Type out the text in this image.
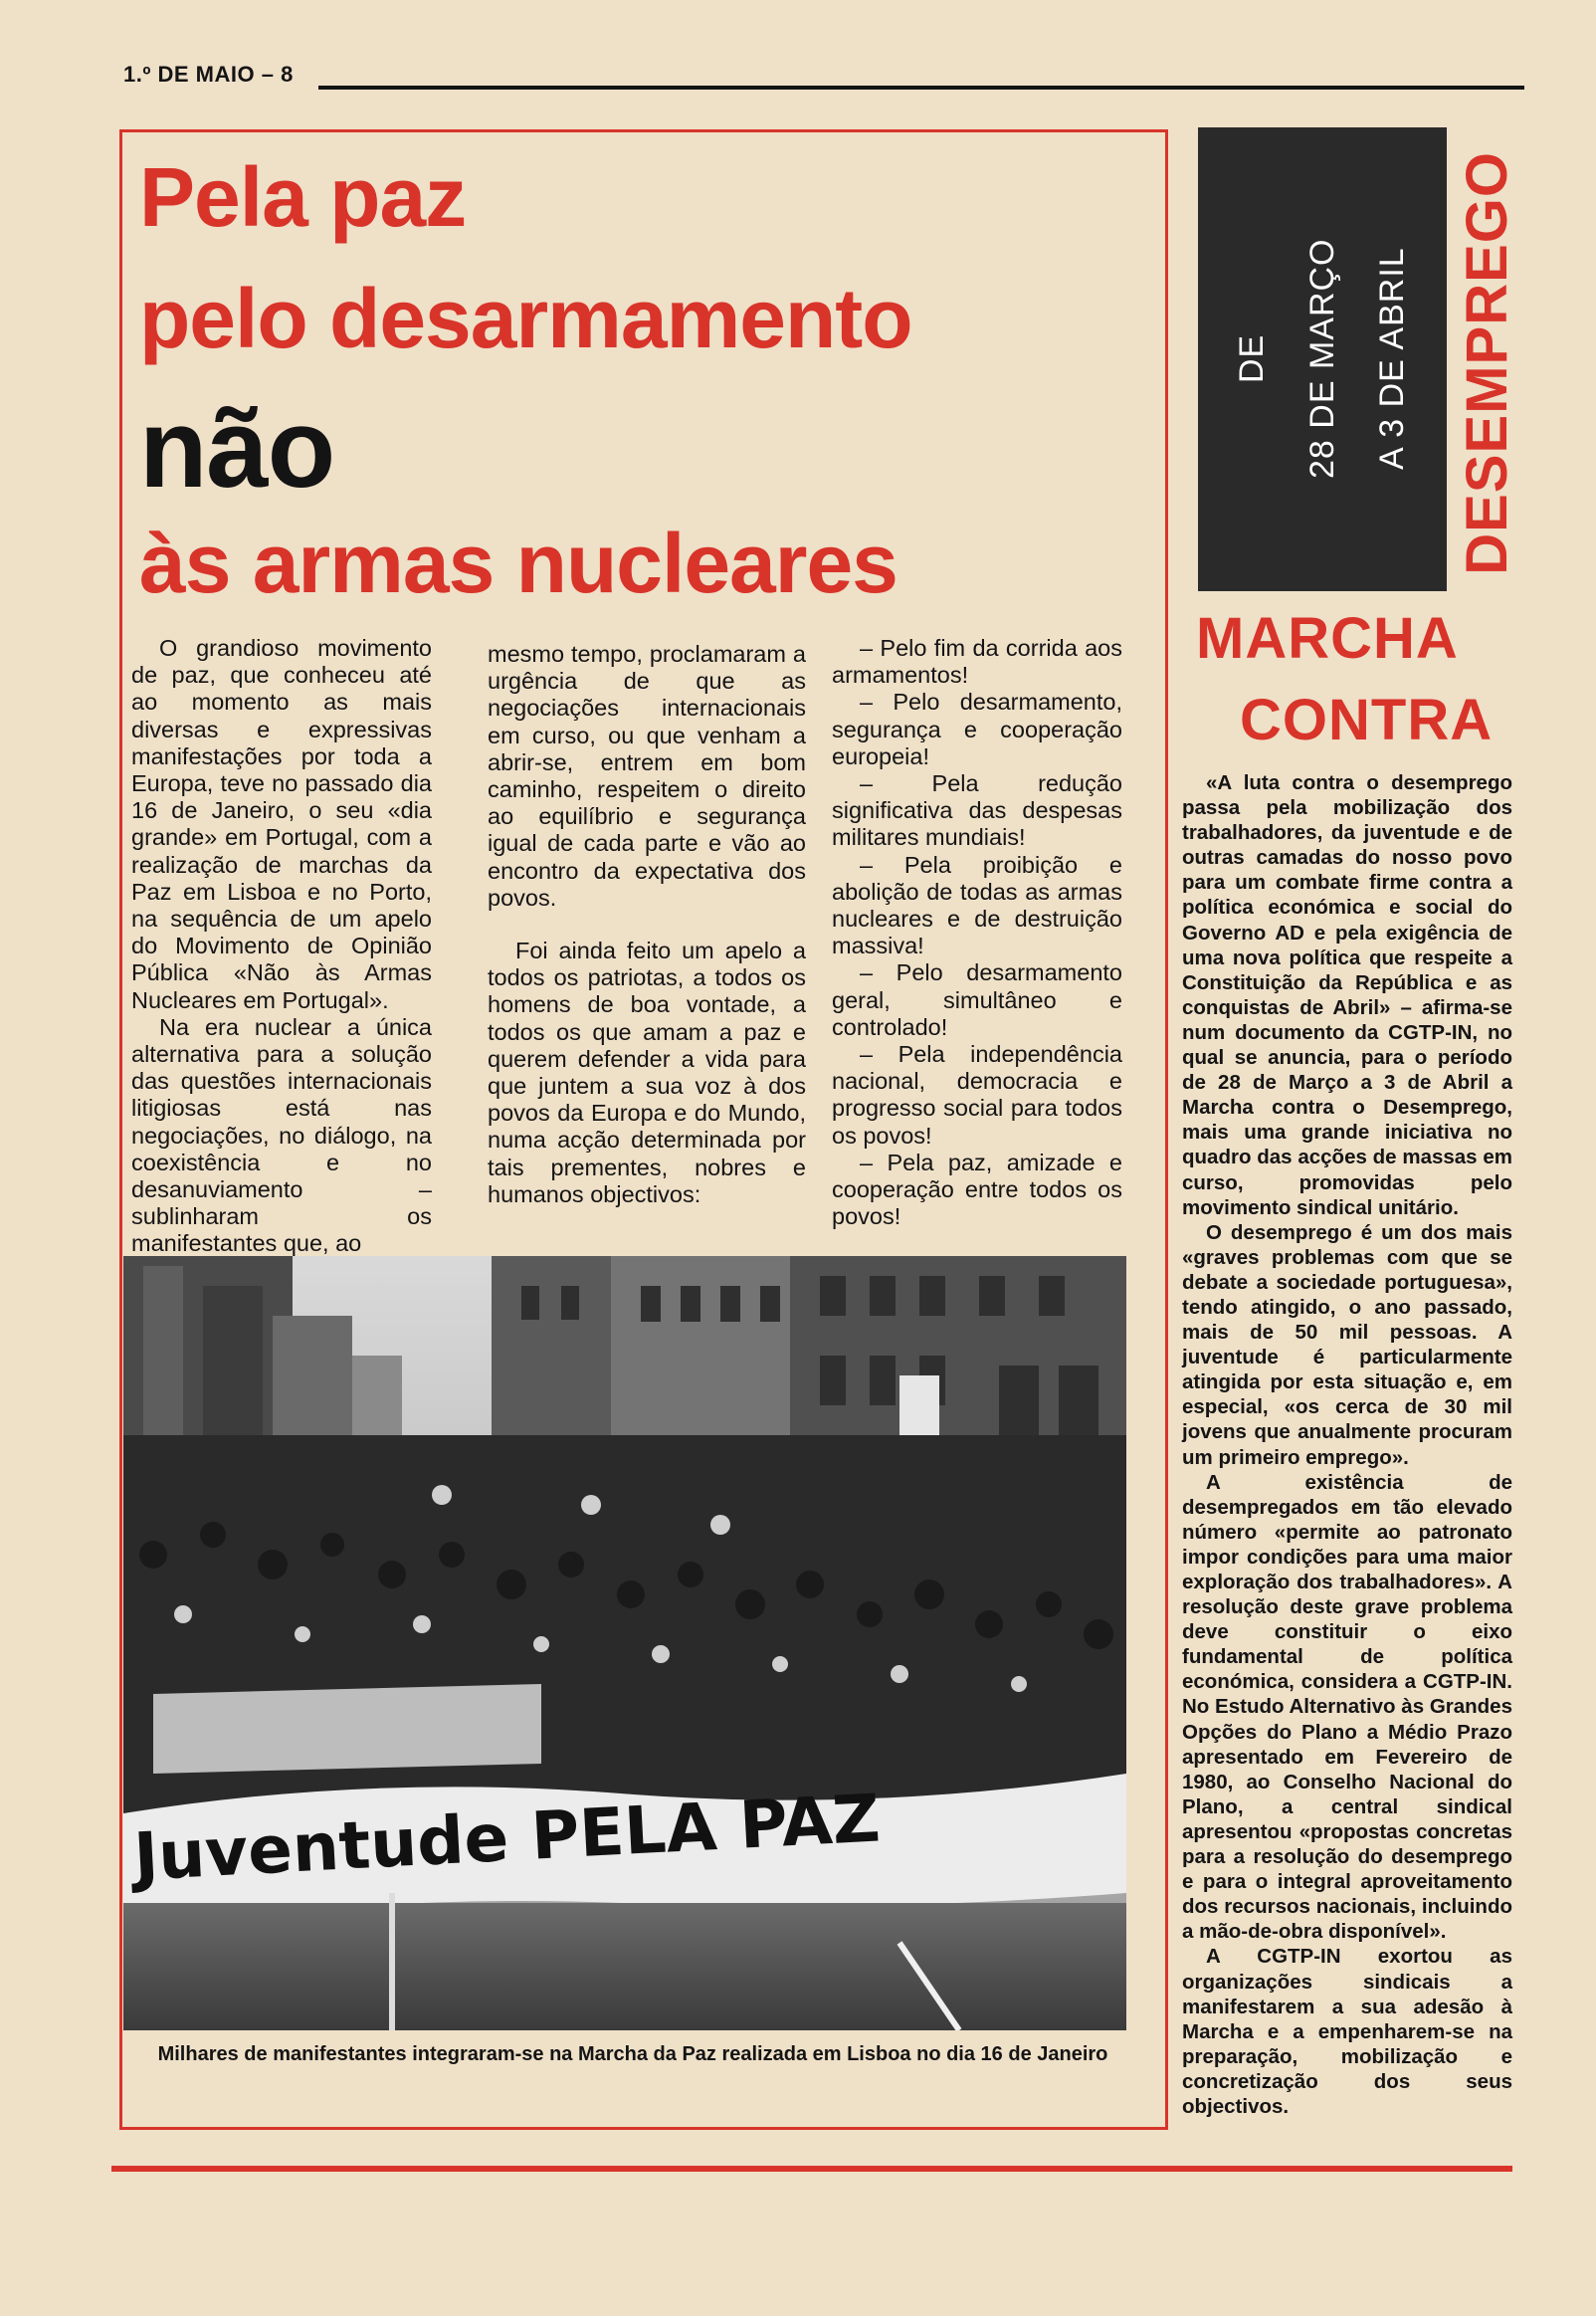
1.º DE MAIO – 8
Pela paz
pelo desarmamento
não
às armas nucleares

O grandioso movimento de paz, que conheceu até ao momento as mais diversas e expressivas manifestações por toda a Europa, teve no passado dia 16 de Janeiro, o seu «dia grande» em Portugal, com a realização de marchas da Paz em Lisboa e no Porto, na sequência de um apelo do Movimento de Opinião Pública «Não às Armas Nucleares em Portugal».

Na era nuclear a única alternativa para a solução das questões internacionais litigiosas está nas negociações, no diálogo, na coexistência e no desanuviamento – sublinharam os manifestantes que, ao

mesmo tempo, proclamaram a urgência de que as negociações internacionais em curso, ou que venham a abrir-se, entrem em bom caminho, respeitem o direito ao equilíbrio e segurança igual de cada parte e vão ao encontro da expectativa dos povos.

Foi ainda feito um apelo a todos os patriotas, a todos os homens de boa vontade, a todos os que amam a paz e querem defender a vida para que juntem a sua voz à dos povos da Europa e do Mundo, numa acção determinada por tais prementes, nobres e humanos objectivos:

– Pelo fim da corrida aos armamentos!

– Pelo desarmamento, segurança e cooperação europeia!

– Pela redução significativa das despesas militares mundiais!

– Pela proibição e abolição de todas as armas nucleares e de destruição massiva!

– Pelo desarmamento geral, simultâneo e controlado!

– Pela independência nacional, democracia e progresso social para todos os povos!

– Pela paz, amizade e cooperação entre todos os povos!

Juventude PELA PAZ
Milhares de manifestantes integraram-se na Marcha da Paz realizada em Lisboa no dia 16 de Janeiro
DE 28 DE MARÇO A 3 DE ABRIL DESEMPREGO
MARCHA
CONTRA

«A luta contra o desemprego passa pela mobilização dos trabalhadores, da juventude e de outras camadas do nosso povo para um combate firme contra a política económica e social do Governo AD e pela exigência de uma nova política que respeite a Constituição da República e as conquistas de Abril» – afirma-se num documento da CGTP-IN, no qual se anuncia, para o período de 28 de Março a 3 de Abril a Marcha contra o Desemprego, mais uma grande iniciativa no quadro das acções de massas em curso, promovidas pelo movimento sindical unitário.

O desemprego é um dos mais «graves problemas com que se debate a sociedade portuguesa», tendo atingido, o ano passado, mais de 50 mil pessoas. A juventude é particularmente atingida por esta situação e, em especial, «os cerca de 30 mil jovens que anualmente procuram um primeiro emprego».

A existência de desempregados em tão elevado número «permite ao patronato impor condições para uma maior exploração dos trabalhadores». A resolução deste grave problema deve constituir o eixo fundamental de política económica, considera a CGTP-IN. No Estudo Alternativo às Grandes Opções do Plano a Médio Prazo apresentado em Fevereiro de 1980, ao Conselho Nacional do Plano, a central sindical apresentou «propostas concretas para a resolução do desemprego e para o integral aproveitamento dos recursos nacionais, incluindo a mão-de-obra disponível».

A CGTP-IN exortou as organizações sindicais a manifestarem a sua adesão à Marcha e a empenharem-se na preparação, mobilização e concretização dos seus objectivos.
